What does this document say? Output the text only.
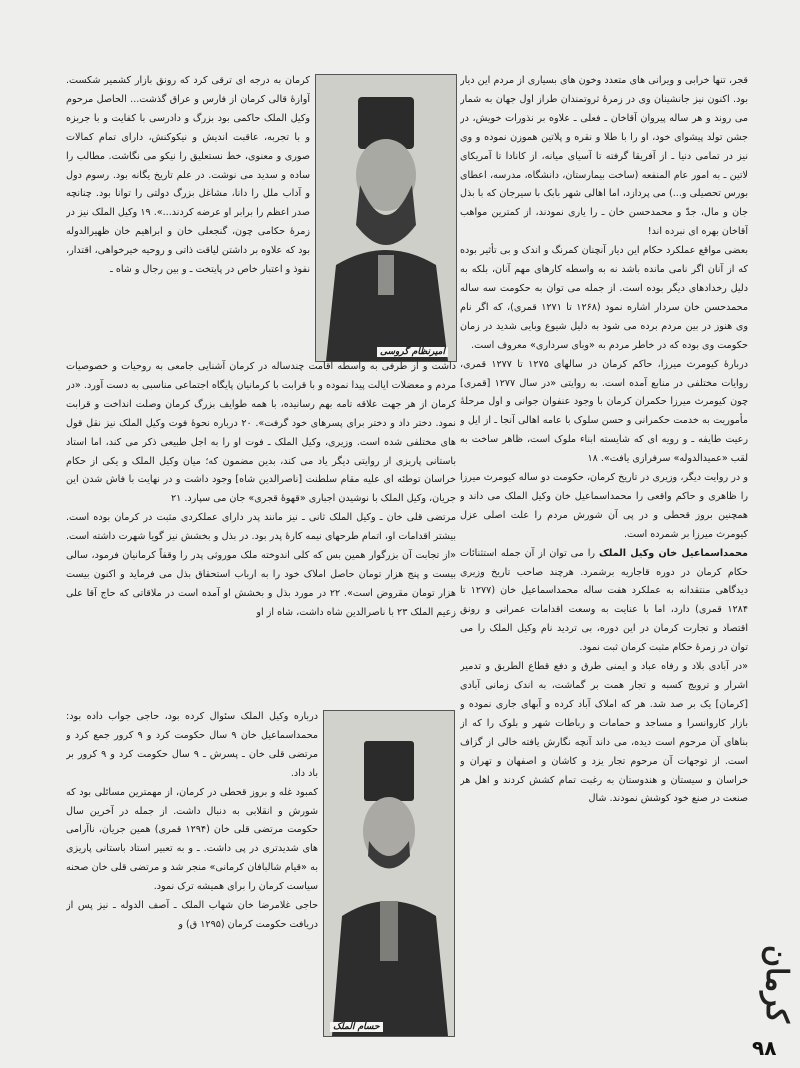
قجر، تنها خرابی و ویرانی های متعدد وخون های بسیاری از مردم این دیار بود. اکنون نیز جانشینان وی در زمرهٔ ثروتمندان طراز اول جهان به شمار می روند و هر ساله پیروان آقاخان ـ فعلی ـ علاوه بر نذورات خویش، در جشن تولد پیشوای خود، او را با طلا و نقره و پلاتین هموزن نموده و وی نیز در تمامی دنیا ـ از آفریقا گرفته تا آسیای میانه، از کانادا تا آمریکای لاتین ـ به امور عام المنفعه (ساخت بیمارستان، دانشگاه، مدرسه، اعطای بورس تحصیلی و...) می پردازد، اما اهالی شهر بابک با سیرجان که با بذل جان و مال، جدّ و محمدحسن خان ـ را یاری نمودند، از کمترین مواهب آقاخان بهره ای نبرده اند!

بعضی مواقع عملکرد حکام این دیار آنچنان کمرنگ و اندک و بی تأثیر بوده که از آنان اگر نامی مانده باشد نه به واسطه کارهای مهم آنان، بلکه به دلیل رخدادهای دیگر بوده است. از جمله می توان به حکومت سه ساله محمدحسن خان سردار اشاره نمود (۱۲۶۸ تا ۱۲۷۱ قمری)، که اگر نام وی هنوز در بین مردم برده می شود به دلیل شیوع وبایی شدید در زمان حکومت وی بوده که در خاطر مردم به «وبای سرداری» معروف است.

دربارهٔ کیومرث میرزا، حاکم کرمان در سالهای ۱۲۷۵ تا ۱۲۷۷ قمری، روایات مختلفی در منابع آمده است. به روایتی «در سال ۱۲۷۷ [قمری] چون کیومرث میرزا حکمران کرمان با وجود عنفوان جوانی و اول مرحلهٔ مأموریت به خدمت حکمرانی و حسن سلوک با عامه اهالی آنجا ـ از ایل و رعیت طایفه ـ و رویه ای که شایسته ابناء ملوک است، ظاهر ساخت به لقب «عمیدالدوله» سرفرازی یافت». ۱۸

و در روایت دیگر، وزیری در تاریخ کرمان، حکومت دو ساله کیومرث میرزا را ظاهری و حاکم واقعی را محمداسماعیل خان وکیل الملک می داند و همچنین بروز قحطی و در پی آن شورش مردم را علت اصلی عزل کیومرث میرزا بر شمرده است.

محمداسماعیل خان وکیل الملک را می توان از آن جمله استثنائات حکام کرمان در دوره قاجاریه برشمرد. هرچند صاحب تاریخ وزیری دیدگاهی منتقدانه به عملکرد هفت ساله محمداسماعیل خان (۱۲۷۷ تا ۱۲۸۴ قمری) دارد، اما با عنایت به وسعت اقدامات عمرانی و رونق اقتصاد و تجارت کرمان در این دوره، بی تردید نام وکیل الملک را می توان در زمرهٔ حکام مثبت کرمان ثبت نمود.

«در آبادی بلاد و رفاه عباد و ایمنی طرق و دفع قطاع الطریق و تدمیر اشرار و ترویج کسبه و تجار همت بر گماشت، به اندک زمانی آبادی [کرمان] یک بر صد شد. هر که املاک آباد کرده و آبهای جاری نموده و بازار کاروانسرا و مساجد و حمامات و رباطات شهر و بلوک را که از بناهای آن مرحوم است دیده، می داند آنچه نگارش یافته خالی از گزاف است. از توجهات آن مرحوم تجار یزد و کاشان و اصفهان و تهران و خراسان و سیستان و هندوستان به رغبت تمام کشش کردند و اهل هر صنعت در صنع خود کوشش نمودند. شال

امیرنظام گروسی

کرمان به درجه ای ترقی کرد که رونق بازار کشمیر شکست. آوازهٔ قالی کرمان از فارس و عراق گذشت... الحاصل مرحوم وکیل الملک حاکمی بود بزرگ و دادرسی با کفایت و با جربزه و با تجربه، عاقبت اندیش و نیکوکنش، دارای تمام کمالات صوری و معنوی، خط نستعلیق را نیکو می نگاشت. مطالب را ساده و سدید می نوشت. در علم تاریخ یگانه بود. رسوم دول و آداب ملل را دانا، مشاغل بزرگ دولتی را توانا بود. چنانچه صدر اعظم را برابر او عرضه کردند...». ۱۹ وکیل الملک نیز در زمرهٔ حکامی چون، گنجعلی خان و ابراهیم خان ظهیرالدوله بود که علاوه بر داشتن لیاقت ذاتی و روحیه خیرخواهی، اقتدار، نفوذ و اعتبار خاص در پایتخت ـ و بین رجال و شاه ـ

داشت و از طرفی به واسطه اقامت چندساله در کرمان آشنایی جامعی به روحیات و خصوصیات مردم و معضلات ایالت پیدا نموده و با قرابت با کرمانیان پایگاه اجتماعی مناسبی به دست آورد. «در کرمان از هر جهت علاقه تامه بهم رسانیده، با همه طوایف بزرگ کرمان وصلت انداخت و قرابت نمود. دختر داد و دختر برای پسرهای خود گرفت». ۲۰ درباره نحوهٔ فوت وکیل الملک نیز نقل قول های مختلفی شده است. وزیری، وکیل الملک ـ فوت او را به اجل طبیعی ذکر می کند، اما استاد باستانی پاریزی از روایتی دیگر یاد می کند، بدین مضمون که؛ میان وکیل الملک و یکی از حکام خراسان توطئه ای علیه مقام سلطنت [ناصرالدین شاه] وجود داشت و در نهایت با فاش شدن این جریان، وکیل الملک با نوشیدن اجباری «قهوهٔ قجری» جان می سپارد. ۲۱

مرتضی قلی خان ـ وکیل الملک ثانی ـ نیز مانند پدر دارای عملکردی مثبت در کرمان بوده است. بیشتر اقدامات او، اتمام طرحهای نیمه کارهٔ پدر بود. در بذل و بخشش نیز گویا شهرت داشته است. «از تجابت آن بزرگوار همین بس که کلی اندوخته ملک موروثی پدر را وقفاً کرمانیان فرمود، سالی بیست و پنج هزار تومان حاصل املاک خود را به ارباب استحقاق بذل می فرماید و اکنون بیست هزار تومان مقروض است». ۲۲ در مورد بذل و بخشش او آمده است در ملاقاتی که حاج آقا علی زعیم الملک ۲۳ با ناصرالدین شاه داشت، شاه از او

حسام الملک

درباره وکیل الملک سئوال کرده بود، حاجی جواب داده بود: محمداسماعیل خان ۹ سال حکومت کرد و ۹ کرور جمع کرد و مرتضی قلی خان ـ پسرش ـ ۹ سال حکومت کرد و ۹ کرور بر باد داد.

کمبود غله و بروز قحطی در کرمان، از مهمترین مسائلی بود که شورش و انقلابی به دنبال داشت. از جمله در آخرین سال حکومت مرتضی قلی خان (۱۲۹۴ قمری) همین جریان، ناآرامی های شدیدتری در پی داشت. ـ و به تعبیر استاد باستانی پاریزی به «قیام شالبافان کرمانی» منجر شد و مرتضی قلی خان صحنه سیاست کرمان را برای همیشه ترک نمود.

حاجی غلامرضا خان شهاب الملک ـ آصف الدوله ـ نیز پس از دریافت حکومت کرمان (۱۲۹۵ ق) و

کرمان
۹۸
